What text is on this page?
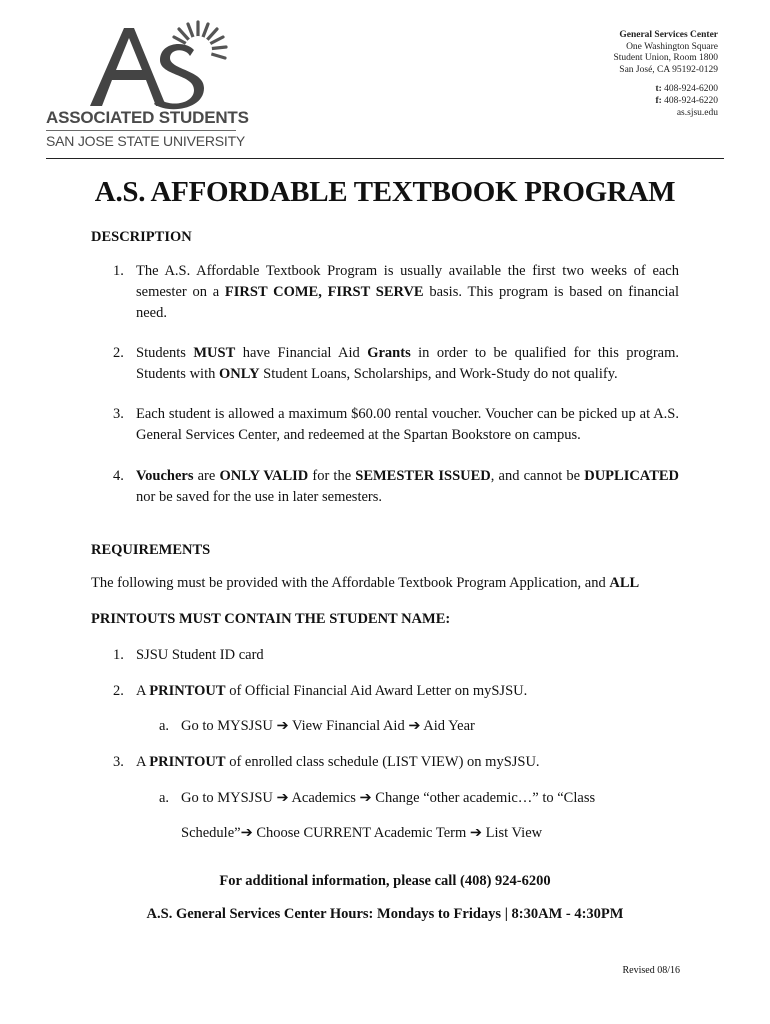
ASSOCIATED STUDENTS
SAN JOSE STATE UNIVERSITY
General Services Center
One Washington Square
Student Union, Room 1800
San José, CA 95192-0129
t: 408-924-6200
f: 408-924-6220
as.sjsu.edu
A.S. AFFORDABLE TEXTBOOK PROGRAM
DESCRIPTION
1. The A.S. Affordable Textbook Program is usually available the first two weeks of each semester on a FIRST COME, FIRST SERVE basis. This program is based on financial need.
2. Students MUST have Financial Aid Grants in order to be qualified for this program. Students with ONLY Student Loans, Scholarships, and Work-Study do not qualify.
3. Each student is allowed a maximum $60.00 rental voucher. Voucher can be picked up at A.S. General Services Center, and redeemed at the Spartan Bookstore on campus.
4. Vouchers are ONLY VALID for the SEMESTER ISSUED, and cannot be DUPLICATED nor be saved for the use in later semesters.
REQUIREMENTS
The following must be provided with the Affordable Textbook Program Application, and ALL
PRINTOUTS MUST CONTAIN THE STUDENT NAME:
1. SJSU Student ID card
2. A PRINTOUT of Official Financial Aid Award Letter on mySJSU.
a. Go to MYSJSU ➔ View Financial Aid ➔ Aid Year
3. A PRINTOUT of enrolled class schedule (LIST VIEW) on mySJSU.
a. Go to MYSJSU ➔ Academics ➔ Change “other academic…” to “Class
Schedule”➔ Choose CURRENT Academic Term ➔ List View
For additional information, please call (408) 924-6200
A.S. General Services Center Hours: Mondays to Fridays | 8:30AM - 4:30PM
Revised 08/16
